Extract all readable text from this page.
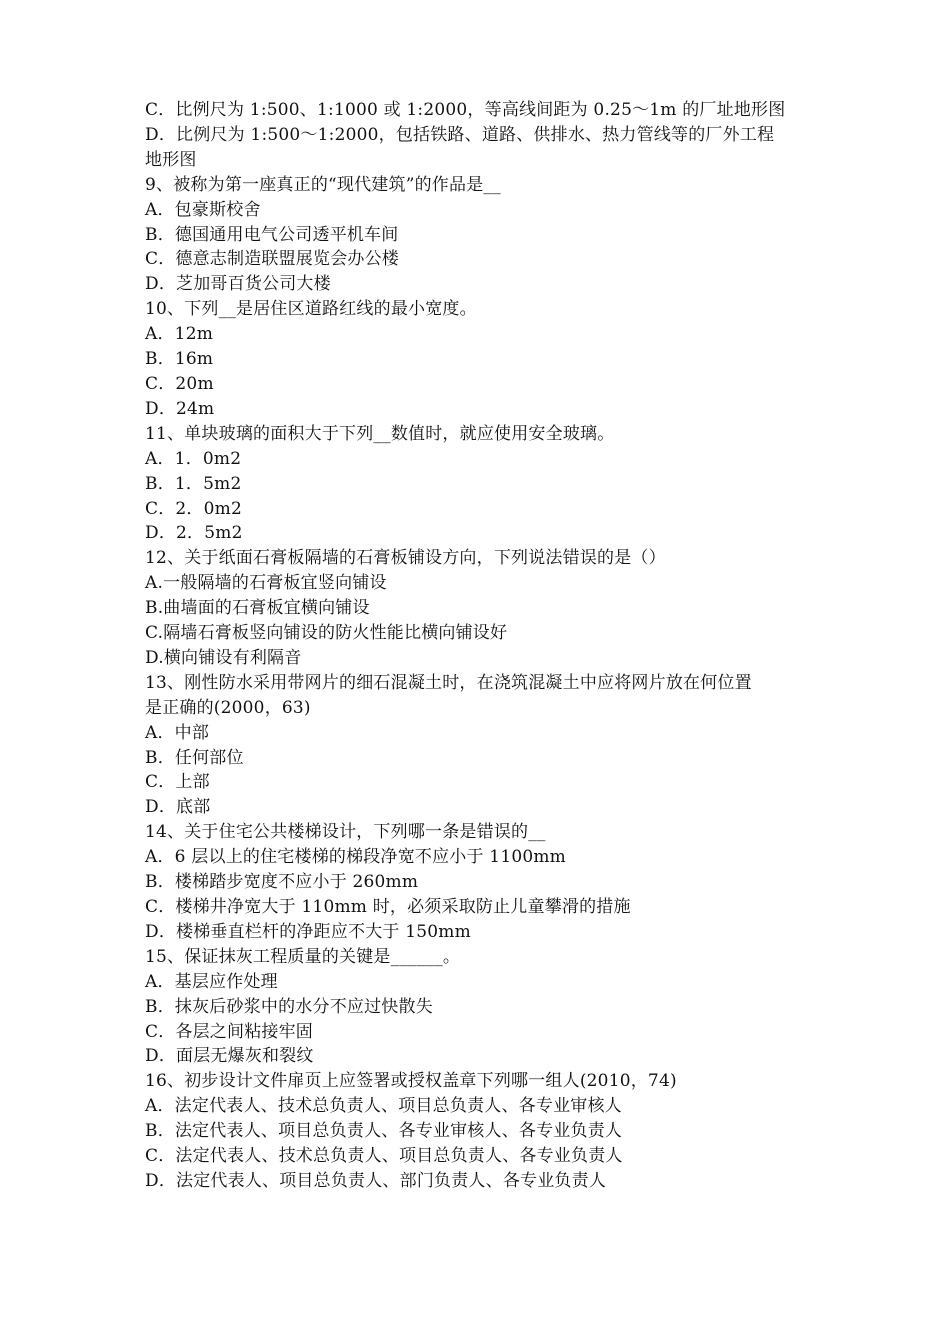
C．比例尺为 1:500、1:1000 或 1:2000，等高线间距为 0.25～1m 的厂址地形图
D．比例尺为 1:500～1:2000，包括铁路、道路、供排水、热力管线等的厂外工程
地形图
9、被称为第一座真正的“现代建筑”的作品是__
A．包豪斯校舍
B．德国通用电气公司透平机车间
C．德意志制造联盟展览会办公楼
D．芝加哥百货公司大楼
10、下列__是居住区道路红线的最小宽度。
A．12m
B．16m
C．20m
D．24m
11、单块玻璃的面积大于下列__数值时，就应使用安全玻璃。
A．1．0m2
B．1．5m2
C．2．0m2
D．2．5m2
12、关于纸面石膏板隔墙的石膏板铺设方向，下列说法错误的是（）
A.一般隔墙的石膏板宜竖向铺设
B.曲墙面的石膏板宜横向铺设
C.隔墙石膏板竖向铺设的防火性能比横向铺设好
D.横向铺设有利隔音
13、刚性防水采用带网片的细石混凝土时，在浇筑混凝土中应将网片放在何位置
是正确的(2000，63)
A．中部
B．任何部位
C．上部
D．底部
14、关于住宅公共楼梯设计，下列哪一条是错误的__
A．6 层以上的住宅楼梯的梯段净宽不应小于 1100mm
B．楼梯踏步宽度不应小于 260mm
C．楼梯井净宽大于 110mm 时，必须采取防止儿童攀滑的措施
D．楼梯垂直栏杆的净距应不大于 150mm
15、保证抹灰工程质量的关键是______。
A．基层应作处理
B．抹灰后砂浆中的水分不应过快散失
C．各层之间粘接牢固
D．面层无爆灰和裂纹
16、初步设计文件扉页上应签署或授权盖章下列哪一组人(2010，74)
A．法定代表人、技术总负责人、项目总负责人、各专业审核人
B．法定代表人、项目总负责人、各专业审核人、各专业负责人
C．法定代表人、技术总负责人、项目总负责人、各专业负责人
D．法定代表人、项目总负责人、部门负责人、各专业负责人
